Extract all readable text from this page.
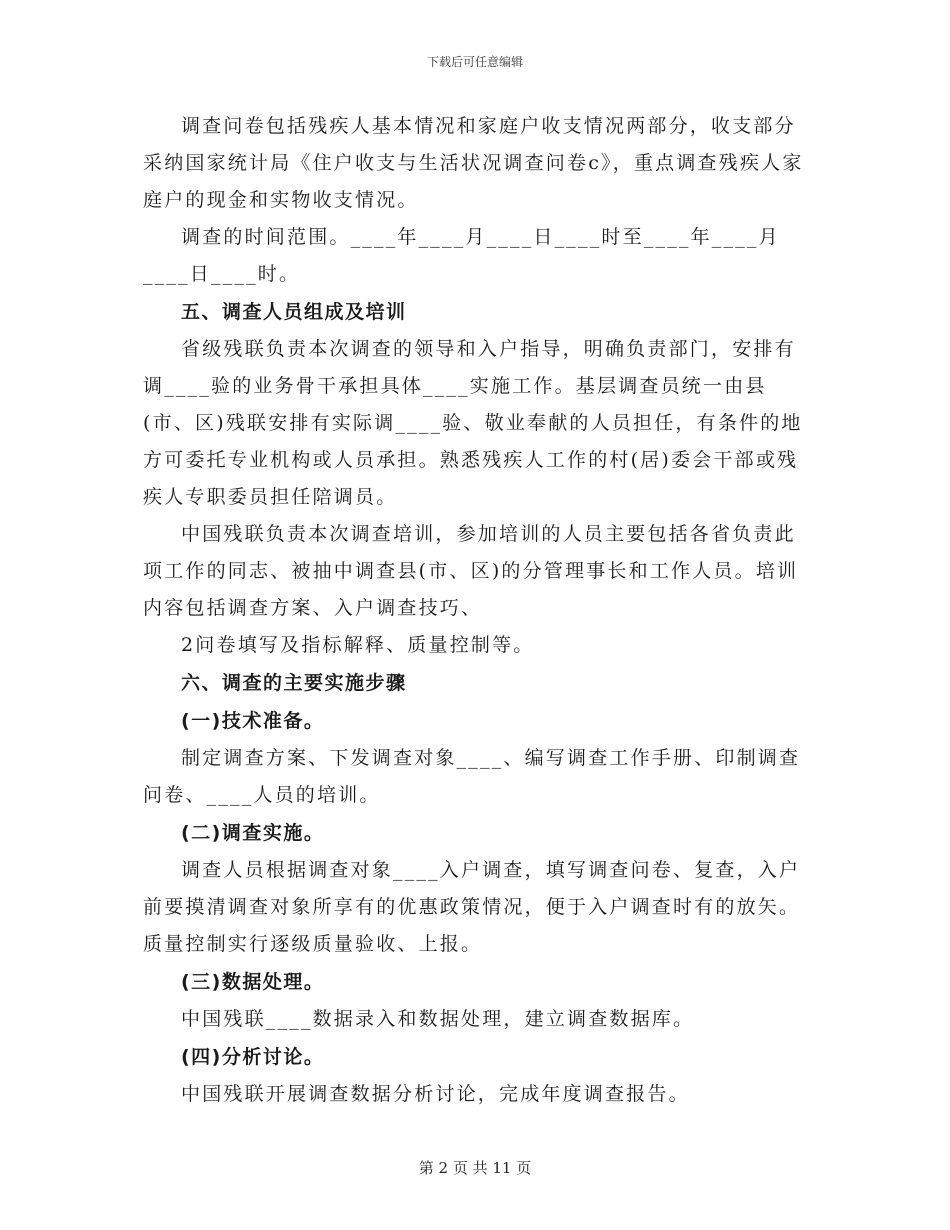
下载后可任意编辑

调查问卷包括残疾人基本情况和家庭户收支情况两部分，收支部分采纳国家统计局《住户收支与生活状况调查问卷c》，重点调查残疾人家庭户的现金和实物收支情况。

调查的时间范围。____年____月____日____时至____年____月____日____时。

五、调查人员组成及培训

省级残联负责本次调查的领导和入户指导，明确负责部门，安排有调____验的业务骨干承担具体____实施工作。基层调查员统一由县(市、区)残联安排有实际调____验、敬业奉献的人员担任，有条件的地方可委托专业机构或人员承担。熟悉残疾人工作的村(居)委会干部或残疾人专职委员担任陪调员。

中国残联负责本次调查培训，参加培训的人员主要包括各省负责此项工作的同志、被抽中调查县(市、区)的分管理事长和工作人员。培训内容包括调查方案、入户调查技巧、

2问卷填写及指标解释、质量控制等。

六、调查的主要实施步骤

(一)技术准备。

制定调查方案、下发调查对象____、编写调查工作手册、印制调查问卷、____人员的培训。

(二)调查实施。

调查人员根据调查对象____入户调查，填写调查问卷、复查，入户前要摸清调查对象所享有的优惠政策情况，便于入户调查时有的放矢。质量控制实行逐级质量验收、上报。

(三)数据处理。

中国残联____数据录入和数据处理，建立调查数据库。

(四)分析讨论。

中国残联开展调查数据分析讨论，完成年度调查报告。

第 2 页 共 11 页
